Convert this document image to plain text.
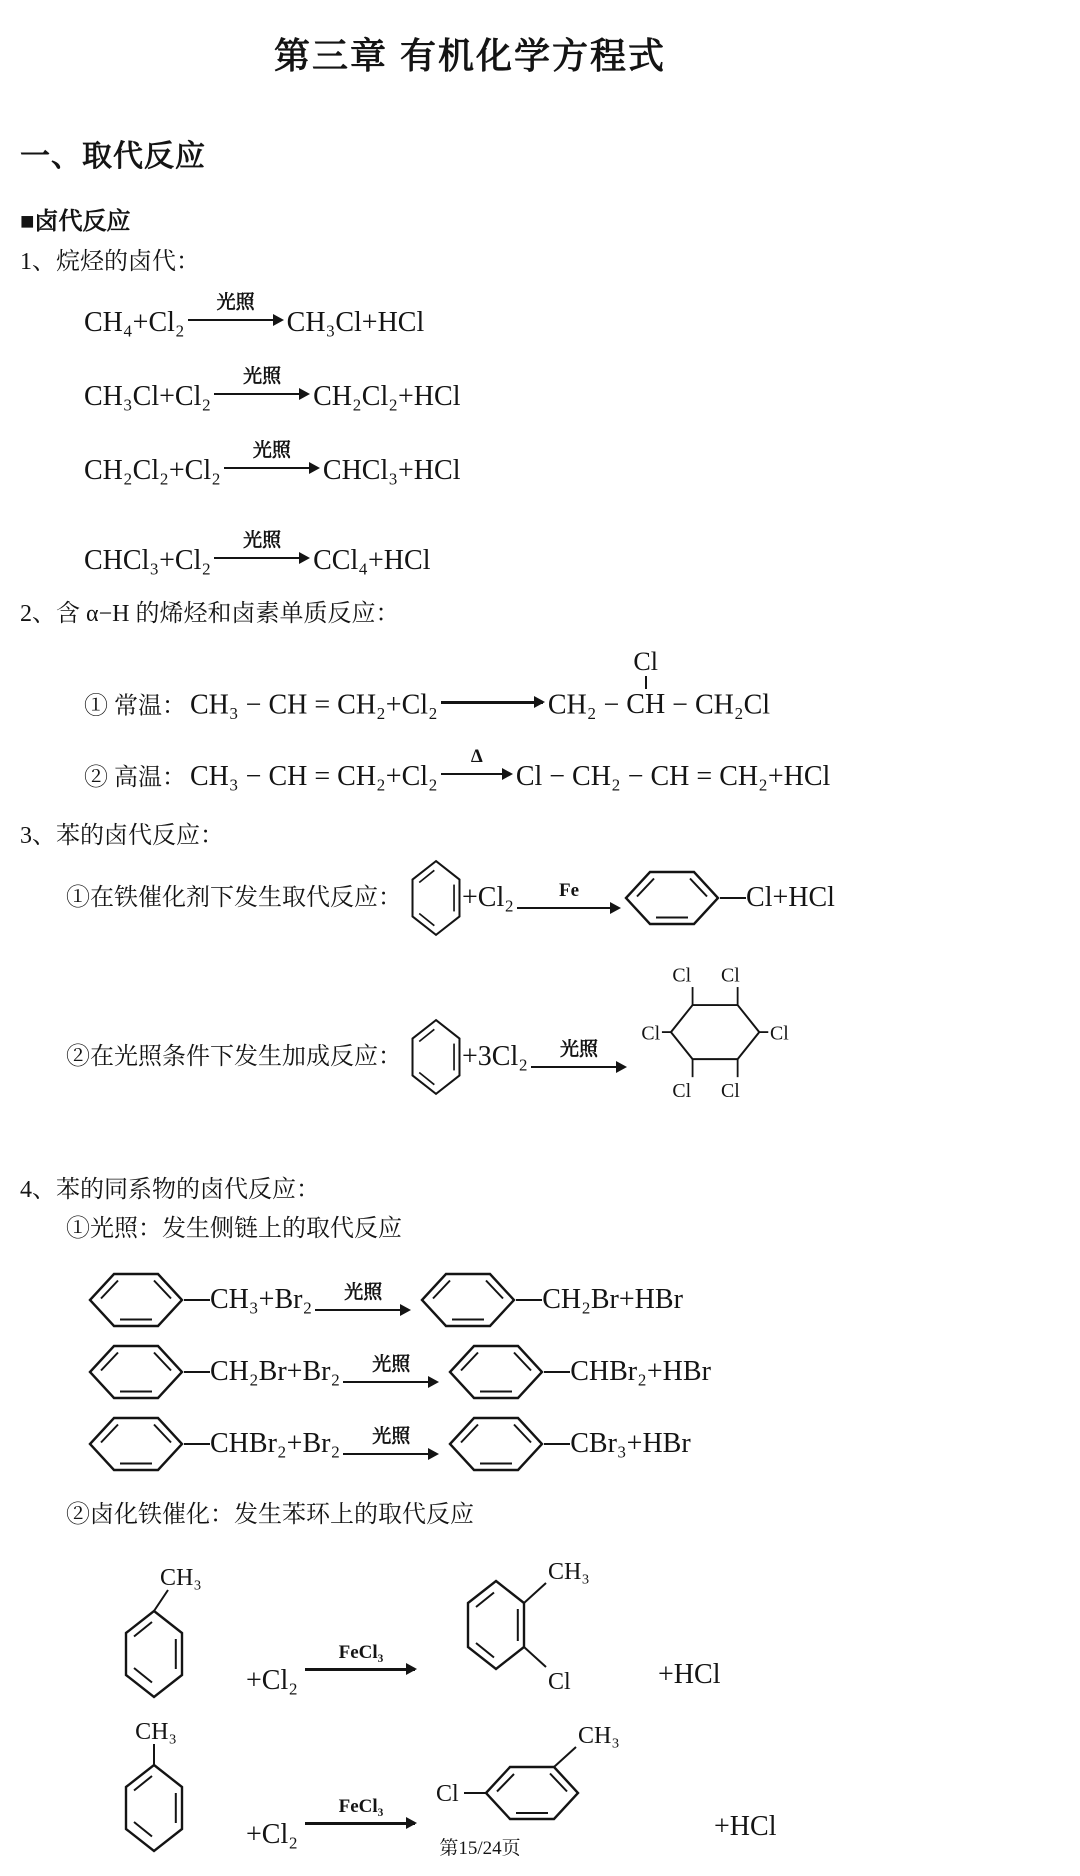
第三章 有机化学方程式
一、取代反应
■卤代反应
1、烷烃的卤代：
CH₄+Cl₂
光照
CH₃Cl+HCl
CH₃Cl+Cl₂
光照
CH₂Cl₂+HCl
CH₂Cl₂+Cl₂
光照
CHCl₃+HCl
CHCl₃+Cl₂
光照
CCl₄+HCl
2、含 α−H 的烯烃和卤素单质反应：
① 常温： CH₃ − CH = CH₂+Cl₂	CH₂ −
Cl
CH − CH₂Cl
② 高温： CH₃ − CH = CH₂+Cl₂
Δ
Cl − CH₂ − CH = CH₂+HCl
3、苯的卤代反应：
①在铁催化剂下发生取代反应： +Cl₂	Fe	Cl+HCl
②在光照条件下发生加成反应： +3Cl₂	光照
Cl Cl
Cl	Cl
Cl Cl
4、苯的同系物的卤代反应：
①光照：发生侧链上的取代反应
CH₃+Br₂	光照	CH₂Br+HBr
CH₂Br+Br₂	光照	CHBr₂+HBr
CHBr₂+Br₂	光照	CBr₃+HBr
②卤化铁催化：发生苯环上的取代反应
CH₃
+Cl₂
FeCl₃
CH₃
Cl	+HCl
CH₃
+Cl₂
FeCl₃	Cl
CH₃
+HCl
第15/24页
